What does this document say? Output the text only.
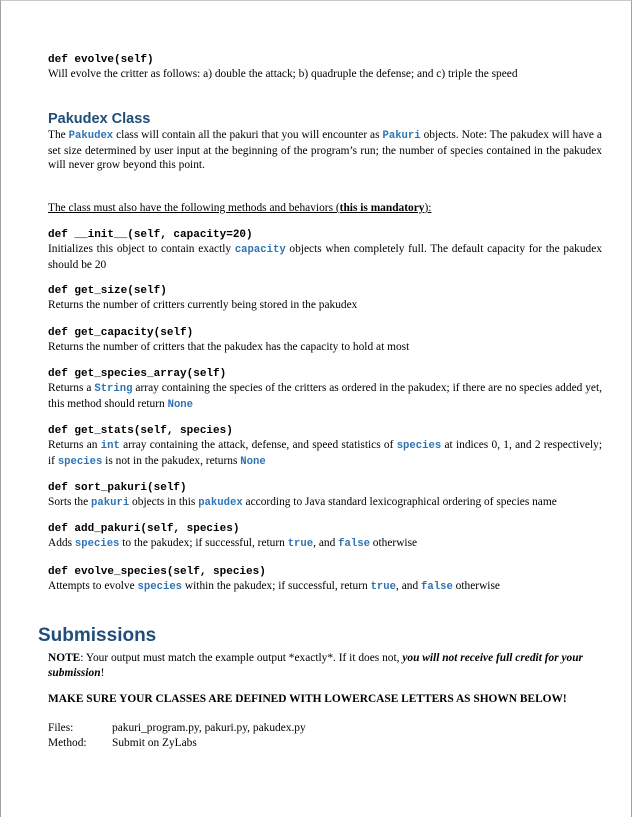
def evolve(self)
Will evolve the critter as follows: a) double the attack; b) quadruple the defense; and c) triple the speed
Pakudex Class
The Pakudex class will contain all the pakuri that you will encounter as Pakuri objects. Note: The pakudex will have a set size determined by user input at the beginning of the program’s run; the number of species contained in the pakudex will never grow beyond this point.
The class must also have the following methods and behaviors (this is mandatory):
def __init__(self, capacity=20)
Initializes this object to contain exactly capacity objects when completely full. The default capacity for the pakudex should be 20
def get_size(self)
Returns the number of critters currently being stored in the pakudex
def get_capacity(self)
Returns the number of critters that the pakudex has the capacity to hold at most
def get_species_array(self)
Returns a String array containing the species of the critters as ordered in the pakudex; if there are no species added yet, this method should return None
def get_stats(self, species)
Returns an int array containing the attack, defense, and speed statistics of species at indices 0, 1, and 2 respectively; if species is not in the pakudex, returns None
def sort_pakuri(self)
Sorts the pakuri objects in this pakudex according to Java standard lexicographical ordering of species name
def add_pakuri(self, species)
Adds species to the pakudex; if successful, return true, and false otherwise
def evolve_species(self, species)
Attempts to evolve species within the pakudex; if successful, return true, and false otherwise
Submissions
NOTE: Your output must match the example output *exactly*. If it does not, you will not receive full credit for your submission!
MAKE SURE YOUR CLASSES ARE DEFINED WITH LOWERCASE LETTERS AS SHOWN BELOW!
Files:	pakuri_program.py, pakuri.py, pakudex.py
Method: Submit on ZyLabs
